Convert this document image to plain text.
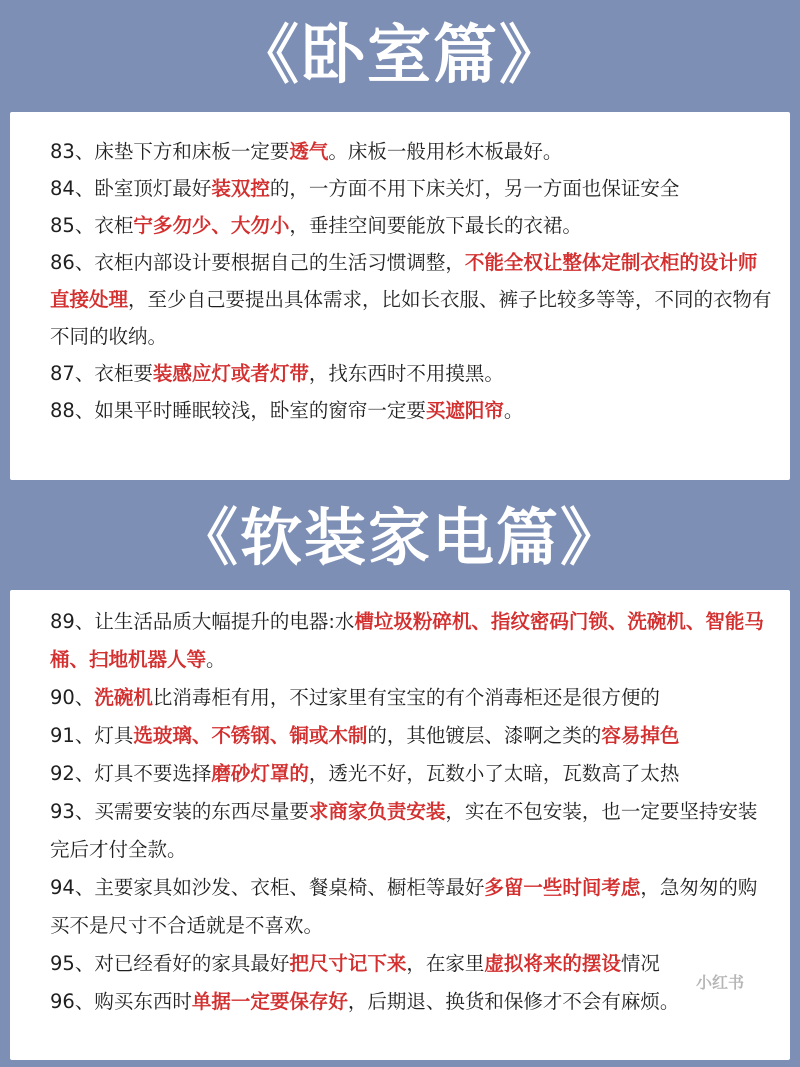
《卧室篇》
83、床垫下方和床板一定要透气。床板一般用杉木板最好。
84、卧室顶灯最好装双控的，一方面不用下床关灯，另一方面也保证安全
85、衣柜宁多勿少、大勿小，垂挂空间要能放下最长的衣裙。
86、衣柜内部设计要根据自己的生活习惯调整，不能全权让整体定制衣柜的设计师直接处理，至少自己要提出具体需求，比如长衣服、裤子比较多等等，不同的衣物有不同的收纳。
87、衣柜要装感应灯或者灯带，找东西时不用摸黑。
88、如果平时睡眠较浅，卧室的窗帘一定要买遮阳帘。
《软装家电篇》
89、让生活品质大幅提升的电器:水槽垃圾粉碎机、指纹密码门锁、洗碗机、智能马桶、扫地机器人等。
90、洗碗机比消毒柜有用，不过家里有宝宝的有个消毒柜还是很方便的
91、灯具选玻璃、不锈钢、铜或木制的，其他镀层、漆啊之类的容易掉色
92、灯具不要选择磨砂灯罩的，透光不好，瓦数小了太暗，瓦数高了太热
93、买需要安装的东西尽量要求商家负责安装，实在不包安装，也一定要坚持安装完后才付全款。
94、主要家具如沙发、衣柜、餐桌椅、橱柜等最好多留一些时间考虑，急匆匆的购买不是尺寸不合适就是不喜欢。
95、对已经看好的家具最好把尺寸记下来，在家里虚拟将来的摆设情况
96、购买东西时单据一定要保存好，后期退、换货和保修才不会有麻烦。
小红书
